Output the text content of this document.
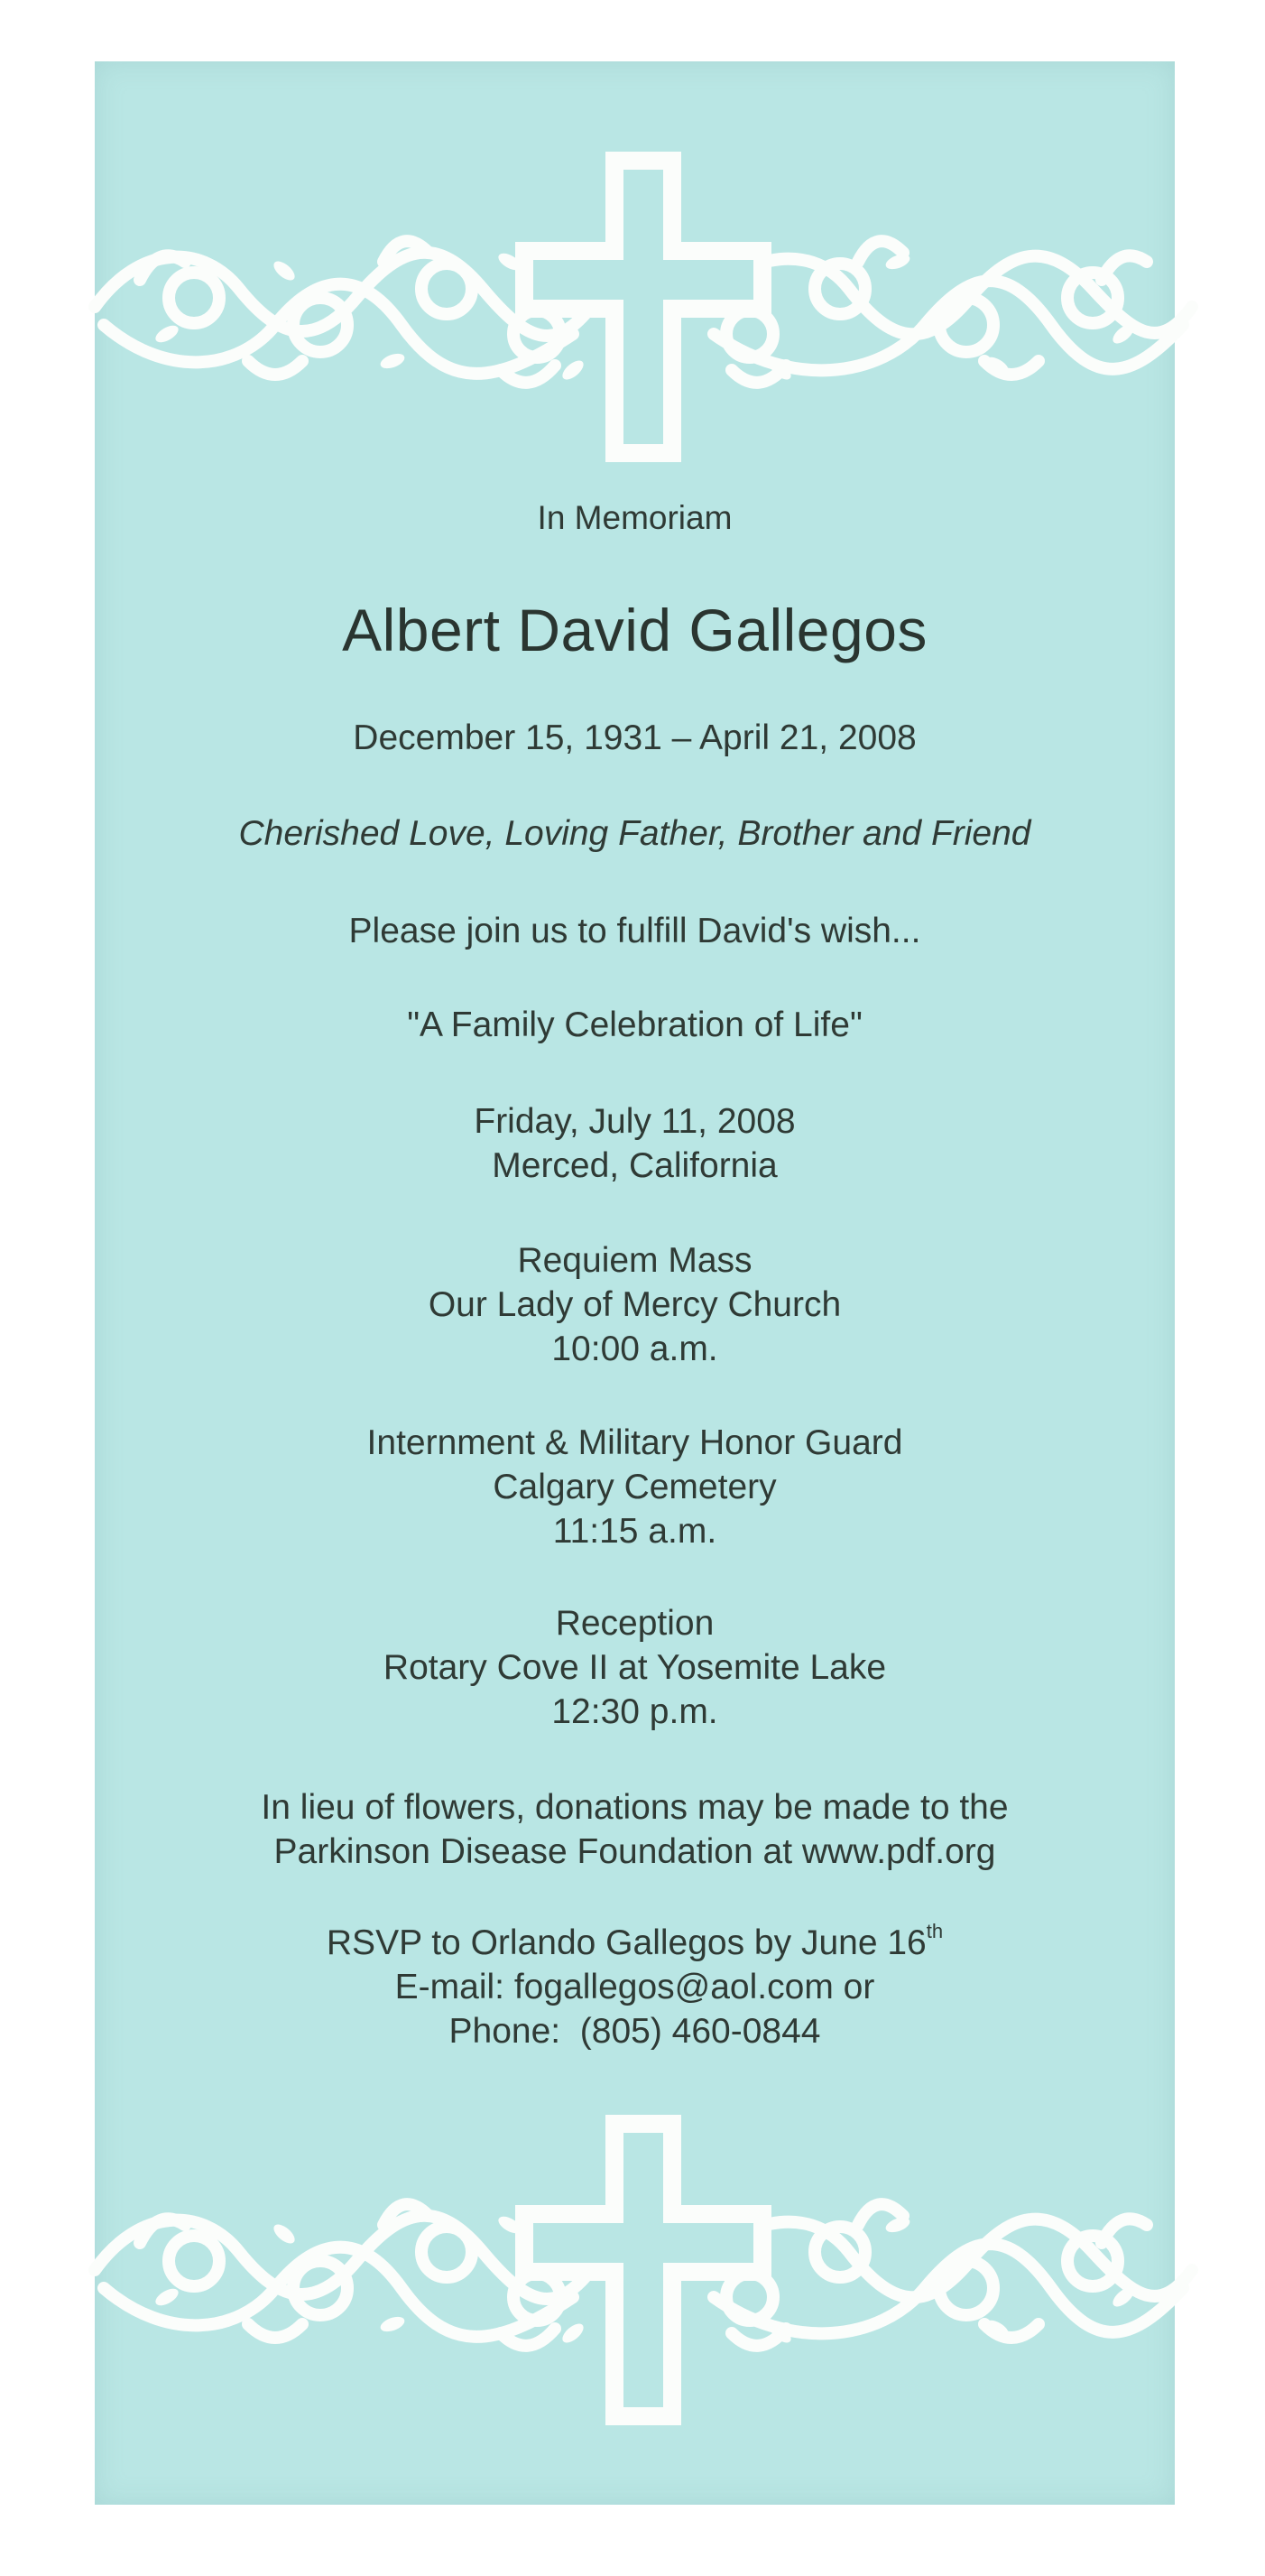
In Memoriam
Albert David Gallegos
December 15, 1931 – April 21, 2008
Cherished Love, Loving Father, Brother and Friend
Please join us to fulfill David's wish...
"A Family Celebration of Life"
Friday, July 11, 2008
Merced, California
Requiem Mass
Our Lady of Mercy Church
10:00 a.m.
Internment & Military Honor Guard
Calgary Cemetery
11:15 a.m.
Reception
Rotary Cove II at Yosemite Lake
12:30 p.m.
In lieu of flowers, donations may be made to the
Parkinson Disease Foundation at www.pdf.org
RSVP to Orlando Gallegos by June 16th
E-mail: fogallegos@aol.com or
Phone:  (805) 460-0844
